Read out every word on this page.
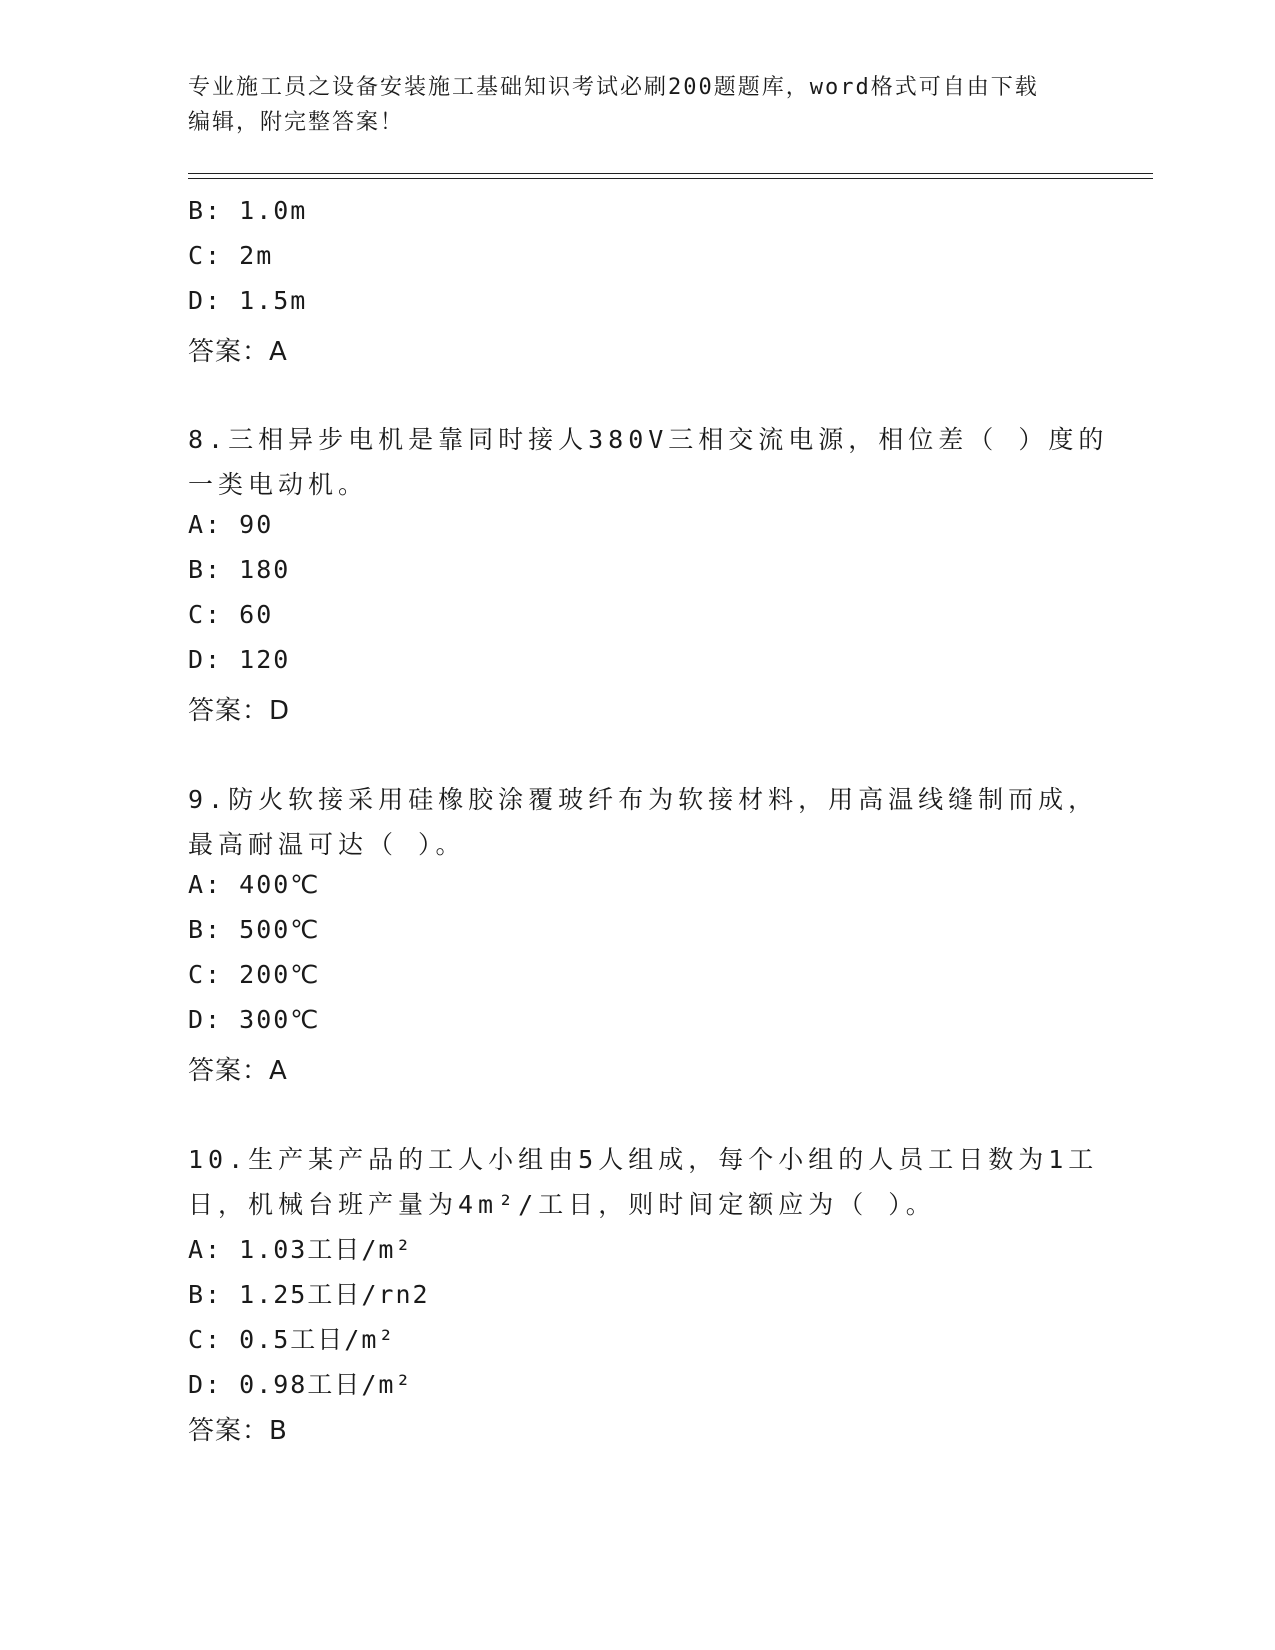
专业施工员之设备安装施工基础知识考试必刷200题题库，word格式可自由下载
编辑，附完整答案！
B: 1.0m
C: 2m
D: 1.5m
答案：A
8.三相异步电机是靠同时接人380V三相交流电源，相位差（ ）度的
一类电动机。
A: 90
B: 180
C: 60
D: 120
答案：D
9.防火软接采用硅橡胶涂覆玻纤布为软接材料，用高温线缝制而成，
最高耐温可达（ ）。
A: 400℃
B: 500℃
C: 200℃
D: 300℃
答案：A
10.生产某产品的工人小组由5人组成，每个小组的人员工日数为1工
日，机械台班产量为4m²/工日，则时间定额应为（ ）。
A: 1.03工日/m²
B: 1.25工日/rn2
C: 0.5工日/m²
D: 0.98工日/m²
答案：B
